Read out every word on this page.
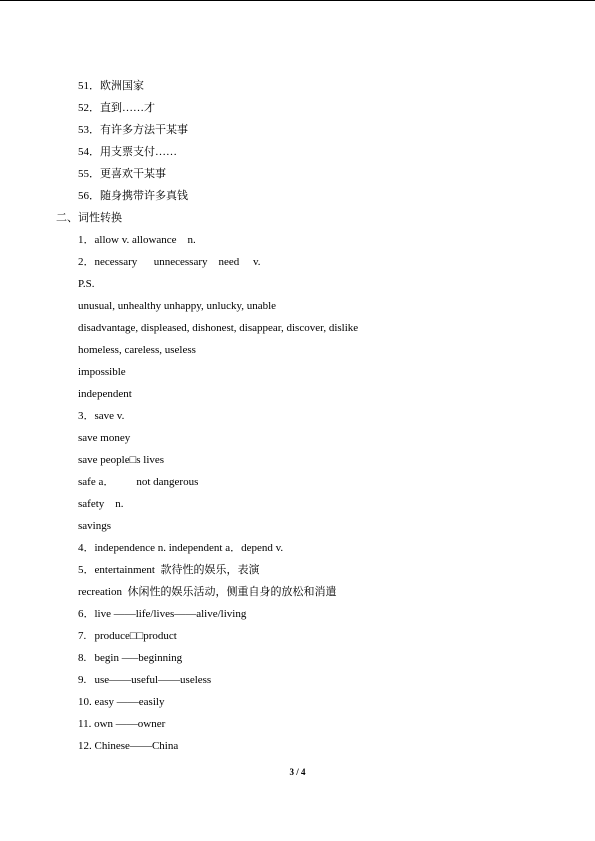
51．欧洲国家
52．直到……才
53．有许多方法干某事
54．用支票支付……
55．更喜欢干某事
56．随身携带许多真钱
二、词性转换
1．allow v. allowance    n.
2．necessary      unnecessary    need     v.
P.S.
unusual, unhealthy unhappy, unlucky, unable
disadvantage, displeased, dishonest, disappear, discover, dislike
homeless, careless, useless
impossible
independent
3．save v.
save money
save people□s lives
safe a．        not dangerous
safety    n.
savings
4．independence n. independent a．depend v.
5．entertainment  款待性的娱乐，表演
recreation  休闲性的娱乐活动，侧重自身的放松和消遣
6．live ——life/lives——alive/living
7.   produce□□product
8.   begin —–beginning
9.   use——useful——useless
10. easy ——easily
11. own ——owner
12. Chinese——China
3 / 4
